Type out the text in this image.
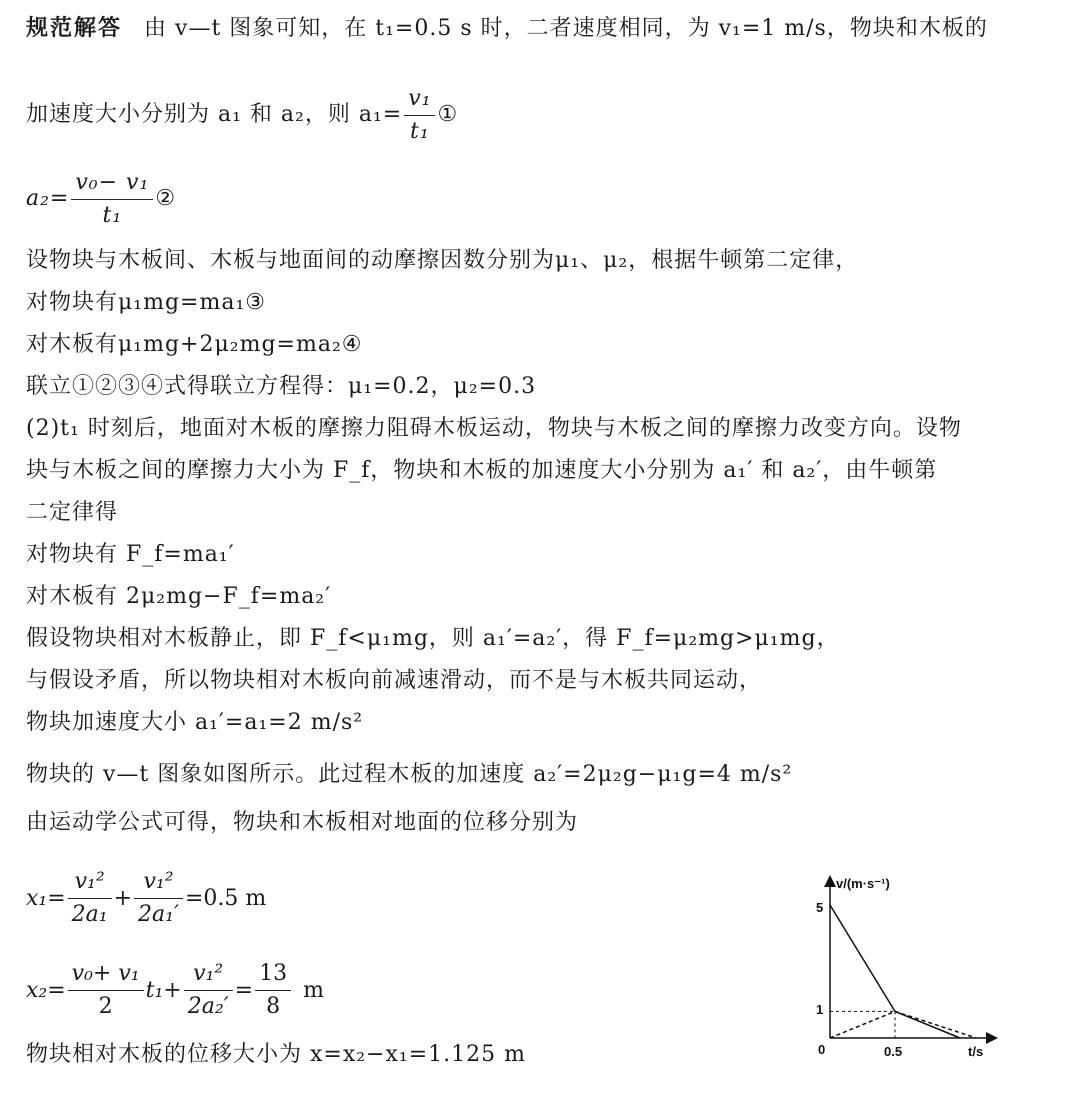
规范解答 由 v—t 图象可知，在 t₁=0.5 s 时，二者速度相同，为 v₁=1 m/s，物块和木板的
加速度大小分别为 a₁ 和 a₂，则 $a_1= \frac{\text{v₁}}{\text{t₁}}$ ①
$a_2= \frac{\text{v₀− v₁}}{\text{t₁}}$ ②
设物块与木板间、木板与地面间的动摩擦因数分别为μ₁、μ₂，根据牛顿第二定律，
对物块有μ₁mg=ma₁③
对木板有μ₁mg+2μ₂mg=ma₂④
联立①②③④式得联立方程得：μ₁=0.2，μ₂=0.3
(2)t₁ 时刻后，地面对木板的摩擦力阻碍木板运动，物块与木板之间的摩擦力改变方向。设物
块与木板之间的摩擦力大小为 F_f，物块和木板的加速度大小分别为 a₁′ 和 a₂′，由牛顿第
二定律得
对物块有 F_f=ma₁′
对木板有 2μ₂mg−F_f=ma₂′
假设物块相对木板静止，即 F_f<μ₁mg，则 a₁′=a₂′，得 F_f=μ₂mg>μ₁mg，
与假设矛盾，所以物块相对木板向前减速滑动，而不是与木板共同运动，
物块加速度大小 a₁′=a₁=2 m/s²
物块的 v—t 图象如图所示。此过程木板的加速度 a₂′=2μ₂g−μ₁g=4 m/s²
由运动学公式可得，物块和木板相对地面的位移分别为
$x_1= \frac{\text{v₁²}}{\text{2a₁}} + \frac{\text{v₁²}}{\text{2a₁′}} =0.5$ m
$x_2= \frac{\text{v₀+ v₁}}{2} t_1+ \frac{\text{v₁²}}{\text{2a₂′}} = \frac{13}{8}$ m
物块相对木板的位移大小为 x=x₂−x₁=1.125 m
v/(m·s⁻¹)
t/s
0
5
1
0.5
